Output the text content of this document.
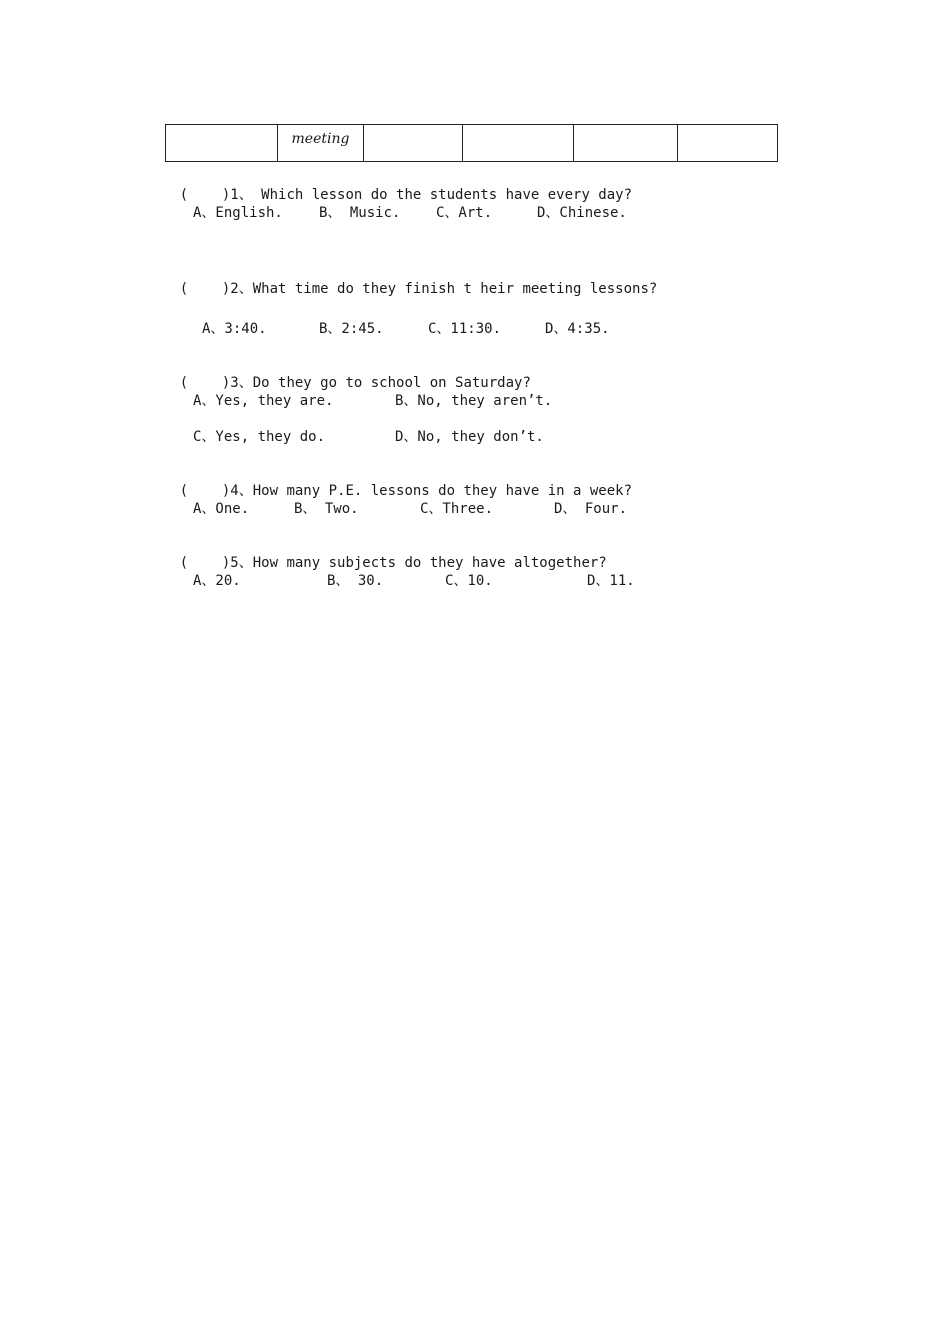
	meeting				

( )1、 Which lesson do the students have every day?

A、English.	B、 Music.	C、Art.	D、Chinese.

( )2、What time do they finish t heir meeting lessons?

A、3:40.	B、2:45.	C、11:30.	D、4:35.

( )3、Do they go to school on Saturday?

A、Yes, they are.	B、No, they aren’t.
C、Yes, they do.	D、No, they don’t.

( )4、How many P.E. lessons do they have in a week?

A、One.	B、 Two.	C、Three.	D、 Four.

( )5、How many subjects do they have altogether?

A、20.	B、 30.	C、10.	D、11.
